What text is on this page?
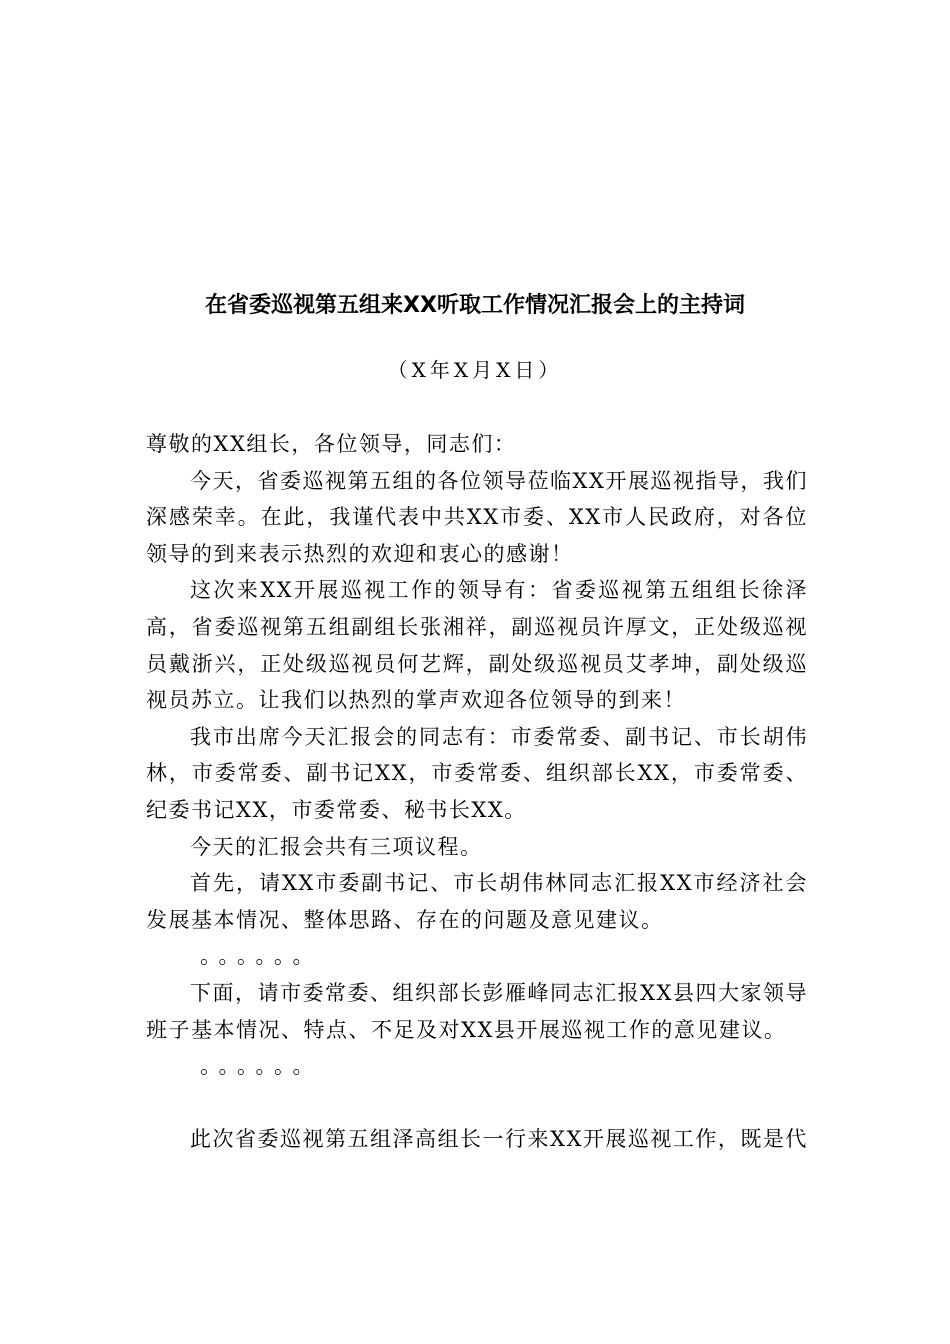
在省委巡视第五组来XX听取工作情况汇报会上的主持词
（X年X月X日）

尊敬的XX组长，各位领导，同志们：

今天，省委巡视第五组的各位领导莅临XX开展巡视指导，我们深感荣幸。在此，我谨代表中共XX市委、XX市人民政府，对各位领导的到来表示热烈的欢迎和衷心的感谢！

这次来XX开展巡视工作的领导有：省委巡视第五组组长徐泽高，省委巡视第五组副组长张湘祥，副巡视员许厚文，正处级巡视员戴浙兴，正处级巡视员何艺辉，副处级巡视员艾孝坤，副处级巡视员苏立。让我们以热烈的掌声欢迎各位领导的到来！

我市出席今天汇报会的同志有：市委常委、副书记、市长胡伟林，市委常委、副书记XX，市委常委、组织部长XX，市委常委、纪委书记XX，市委常委、秘书长XX。

今天的汇报会共有三项议程。

首先，请XX市委副书记、市长胡伟林同志汇报XX市经济社会发展基本情况、整体思路、存在的问题及意见建议。

。。。。。。

下面，请市委常委、组织部长彭雁峰同志汇报XX县四大家领导班子基本情况、特点、不足及对XX县开展巡视工作的意见建议。

。。。。。。

此次省委巡视第五组泽高组长一行来XX开展巡视工作，既是代
